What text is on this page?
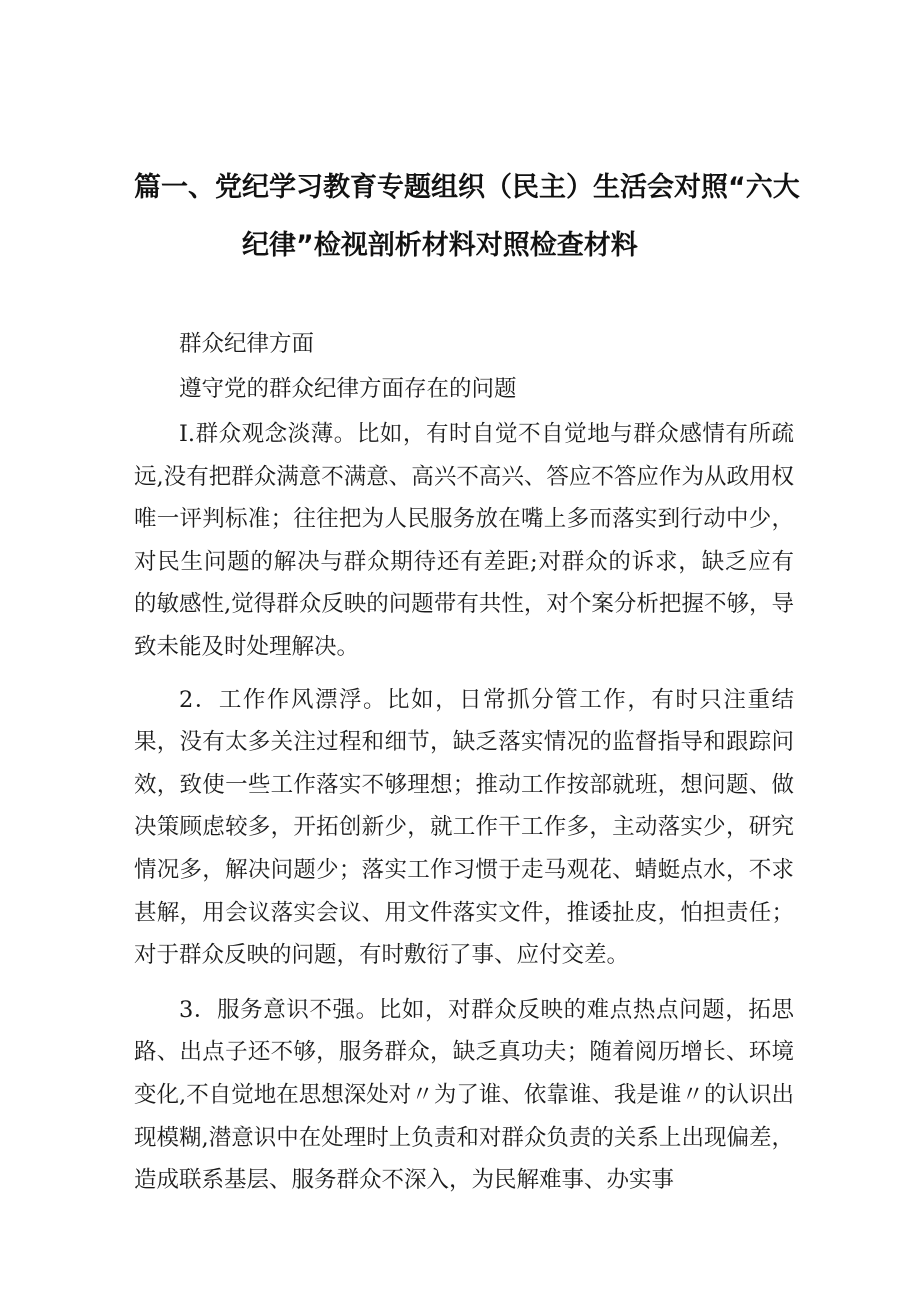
篇一、党纪学习教育专题组织（民主）生活会对照“六大
纪律”检视剖析材料对照检查材料

群众纪律方面

遵守党的群众纪律方面存在的问题

I.群众观念淡薄。比如，有时自觉不自觉地与群众感情有所疏远,没有把群众满意不满意、高兴不高兴、答应不答应作为从政用权唯一评判标准；往往把为人民服务放在嘴上多而落实到行动中少，对民生问题的解决与群众期待还有差距;对群众的诉求，缺乏应有的敏感性,觉得群众反映的问题带有共性，对个案分析把握不够，导致未能及时处理解决。

2．工作作风漂浮。比如，日常抓分管工作，有时只注重结果，没有太多关注过程和细节，缺乏落实情况的监督指导和跟踪问效，致使一些工作落实不够理想；推动工作按部就班，想问题、做决策顾虑较多，开拓创新少，就工作干工作多，主动落实少，研究情况多，解决问题少；落实工作习惯于走马观花、蜻蜓点水，不求甚解，用会议落实会议、用文件落实文件，推诿扯皮，怕担责任；对于群众反映的问题，有时敷衍了事、应付交差。

3．服务意识不强。比如，对群众反映的难点热点问题，拓思路、出点子还不够，服务群众，缺乏真功夫；随着阅历增长、环境变化,不自觉地在思想深处对〃为了谁、依靠谁、我是谁〃的认识出现模糊,潜意识中在处理时上负责和对群众负责的关系上出现偏差，造成联系基层、服务群众不深入，为民解难事、办实事
